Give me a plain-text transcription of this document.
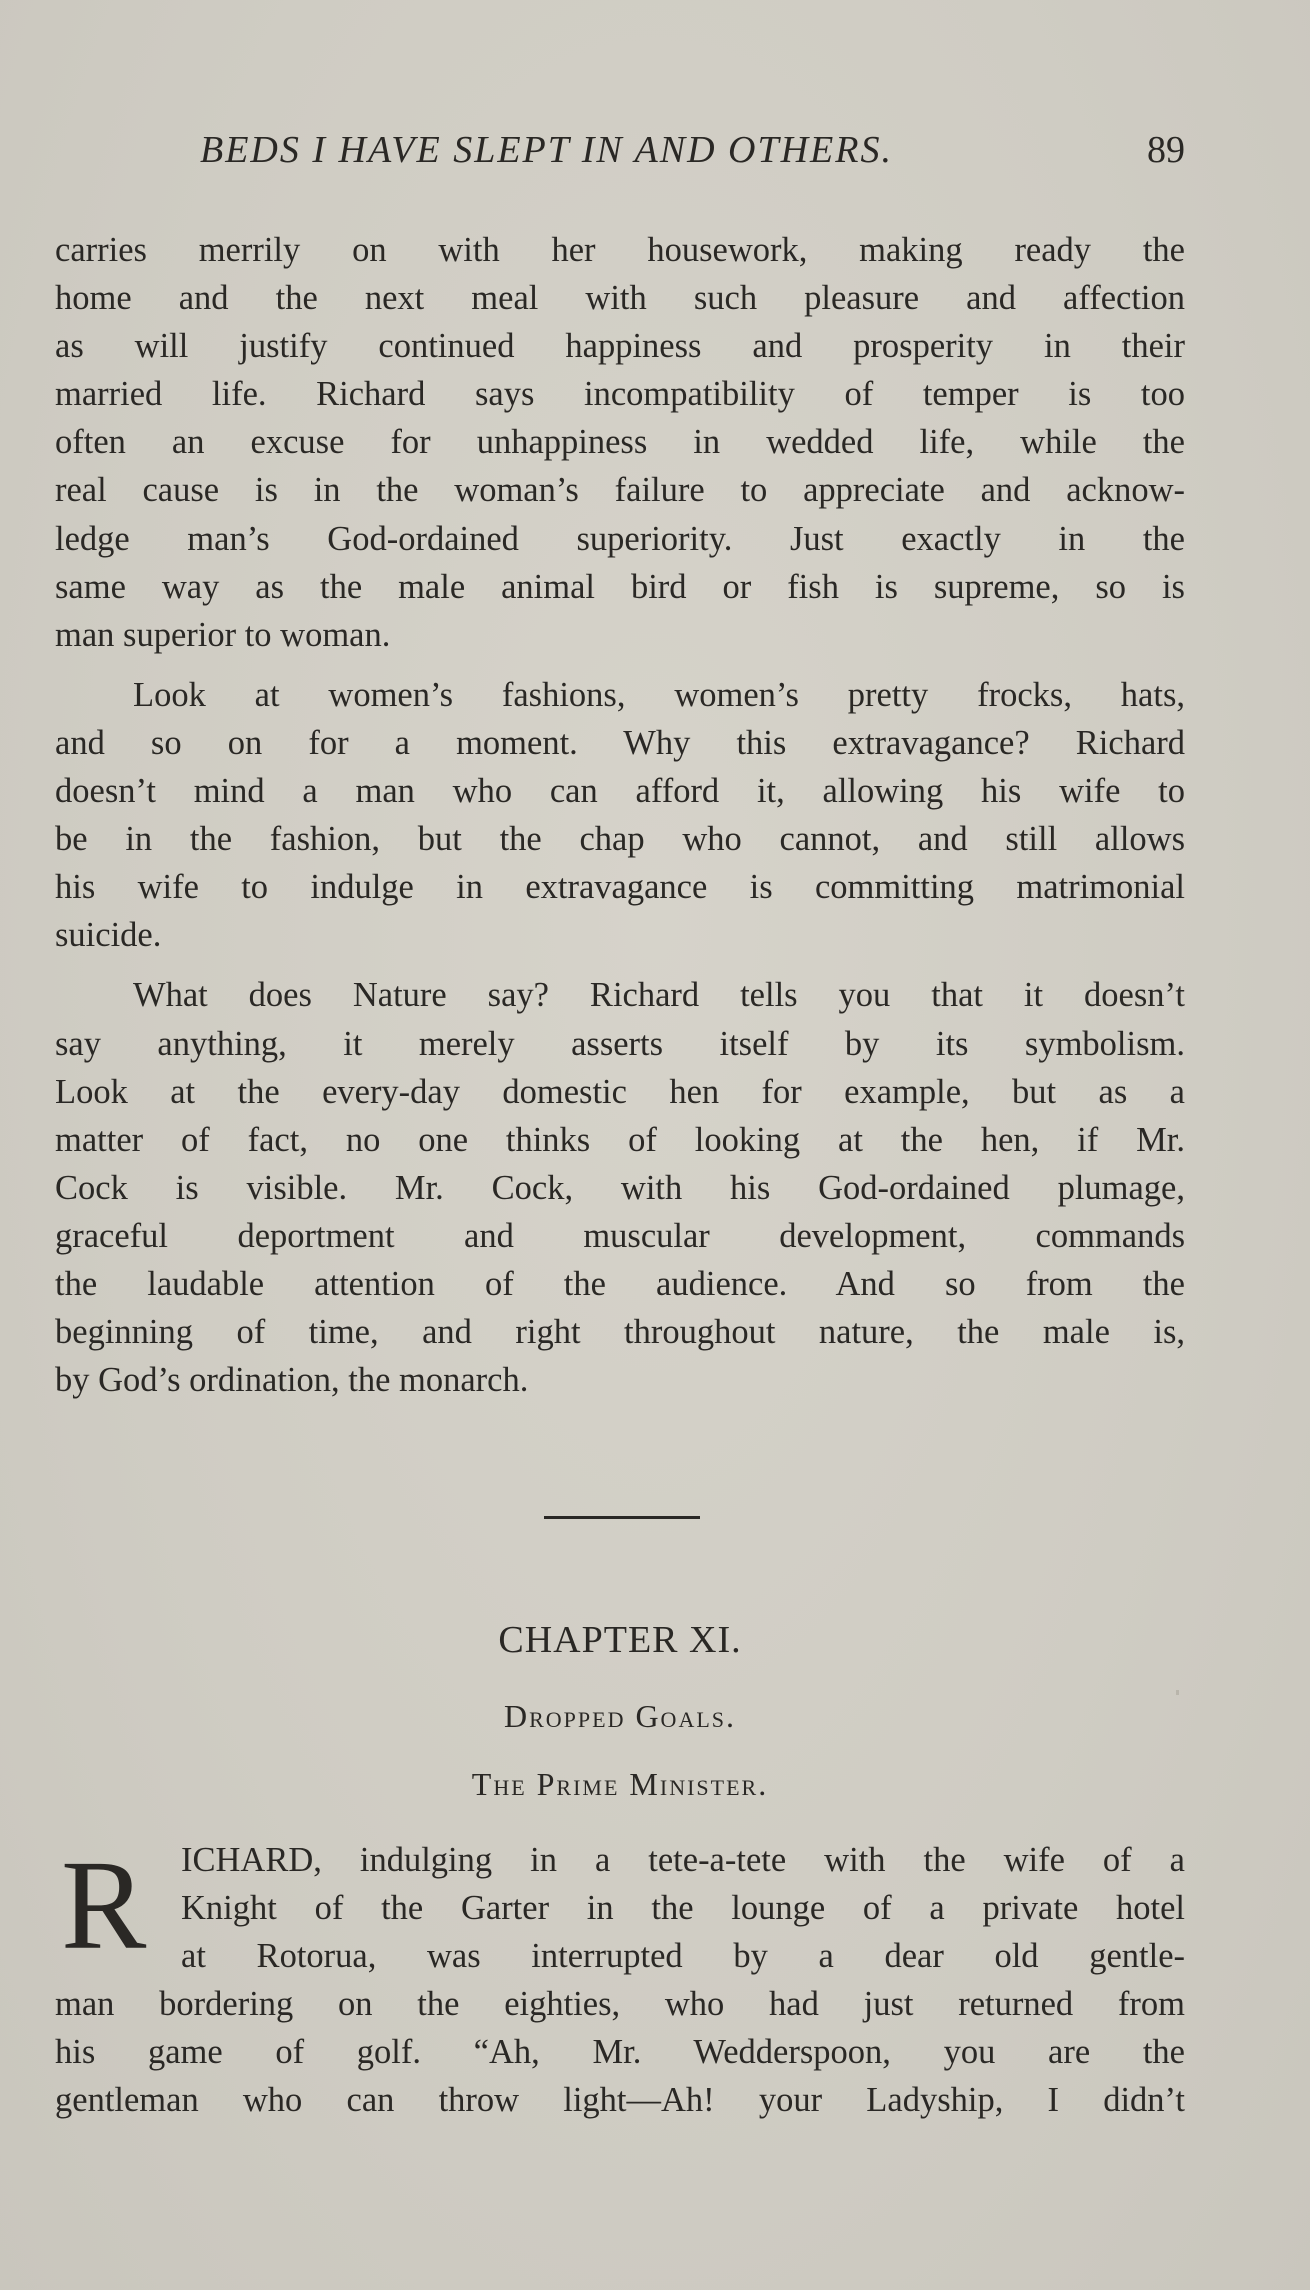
BEDS I HAVE SLEPT IN AND OTHERS.	89
carries merrily on with her housework, making ready the
home and the next meal with such pleasure and affection
as will justify continued happiness and prosperity in their
married life. Richard says incompatibility of temper is too
often an excuse for unhappiness in wedded life, while the
real cause is in the woman’s failure to appreciate and acknow-
ledge man’s God-ordained superiority. Just exactly in the
same way as the male animal bird or fish is supreme, so is
man superior to woman.
Look at women’s fashions, women’s pretty frocks, hats,
and so on for a moment. Why this extravagance? Richard
doesn’t mind a man who can afford it, allowing his wife to
be in the fashion, but the chap who cannot, and still allows
his wife to indulge in extravagance is committing matrimonial
suicide.
What does Nature say? Richard tells you that it doesn’t
say anything, it merely asserts itself by its symbolism.
Look at the every-day domestic hen for example, but as a
matter of fact, no one thinks of looking at the hen, if Mr.
Cock is visible. Mr. Cock, with his God-ordained plumage,
graceful deportment and muscular development, commands
the laudable attention of the audience. And so from the
beginning of time, and right throughout nature, the male is,
by God’s ordination, the monarch.
CHAPTER XI.
Dropped Goals.
The Prime Minister.
R	ICHARD, indulging in a tete-a-tete with the wife of a
Knight of the Garter in the lounge of a private hotel
at Rotorua, was interrupted by a dear old gentle-
man bordering on the eighties, who had just returned from
his game of golf. “Ah, Mr. Wedderspoon, you are the
gentleman who can throw light—Ah! your Ladyship, I didn’t
